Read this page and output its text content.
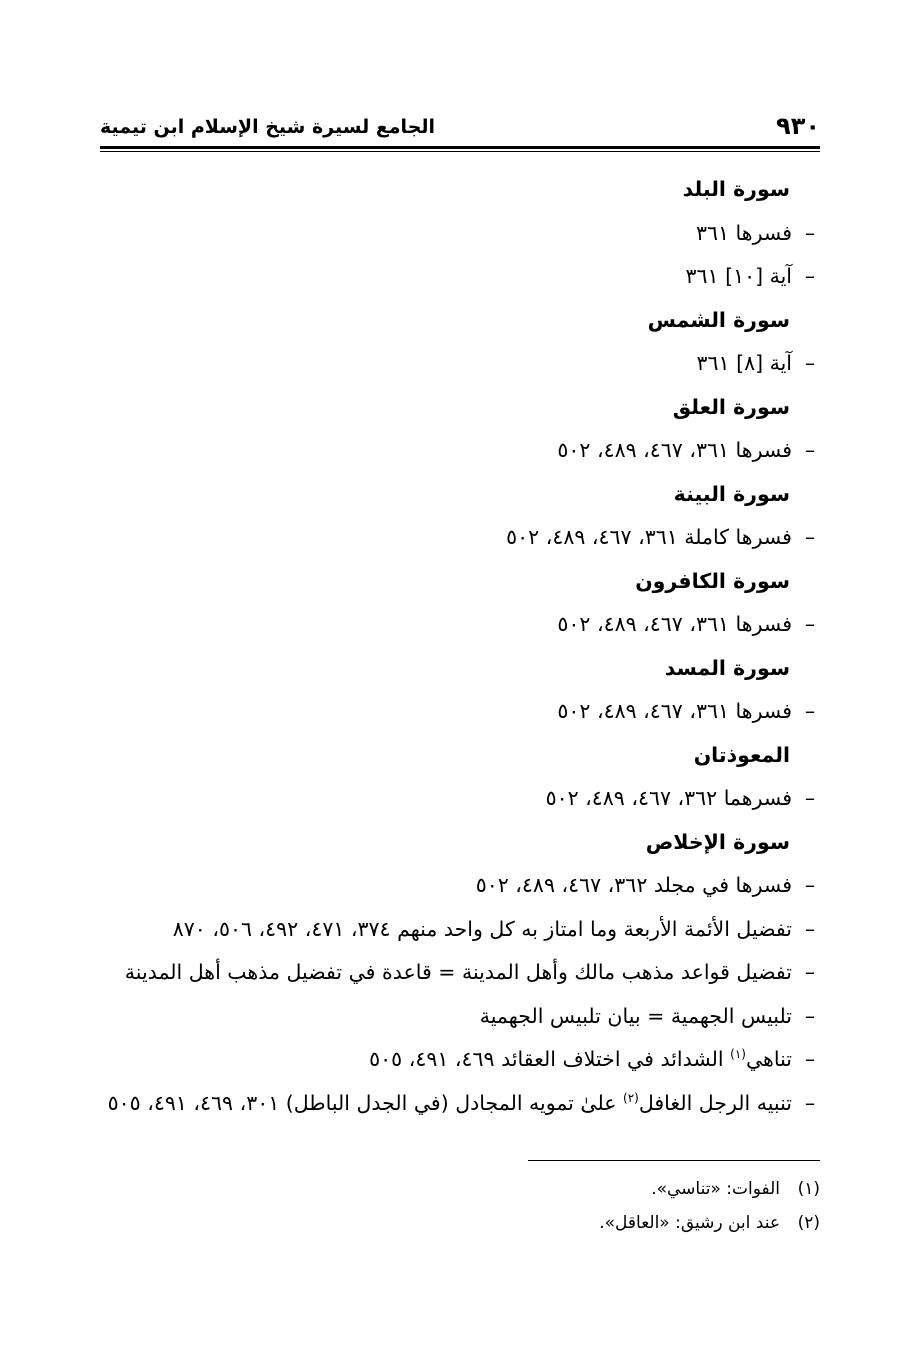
٩٣٠
الجامع لسيرة شيخ الإسلام ابن تيمية
سورة البلد
–
فسرها ٣٦١
–
آية [١٠] ٣٦١
سورة الشمس
–
آية [٨] ٣٦١
سورة العلق
–
فسرها ٣٦١، ٤٦٧، ٤٨٩، ٥٠٢
سورة البينة
–
فسرها كاملة ٣٦١، ٤٦٧، ٤٨٩، ٥٠٢
سورة الكافرون
–
فسرها ٣٦١، ٤٦٧، ٤٨٩، ٥٠٢
سورة المسد
–
فسرها ٣٦١، ٤٦٧، ٤٨٩، ٥٠٢
المعوذتان
–
فسرهما ٣٦٢، ٤٦٧، ٤٨٩، ٥٠٢
سورة الإخلاص
–
فسرها في مجلد ٣٦٢، ٤٦٧، ٤٨٩، ٥٠٢
–
تفضيل الأئمة الأربعة وما امتاز به كل واحد منهم ٣٧٤، ٤٧١، ٤٩٢، ٥٠٦، ٨٧٠
–
تفضيل قواعد مذهب مالك وأهل المدينة = قاعدة في تفضيل مذهب أهل المدينة
–
تلبيس الجهمية = بيان تلبيس الجهمية
–
تناهي$^{(١)}$ الشدائد في اختلاف العقائد ٤٦٩، ٤٩١، ٥٠٥
–
تنبيه الرجل الغافل$^{(٢)}$ علىٰ تمويه المجادل (في الجدل الباطل) ٣٠١، ٤٦٩، ٤٩١، ٥٠٥
(١)الفوات: «تناسي».
(٢)عند ابن رشيق: «العاقل».
